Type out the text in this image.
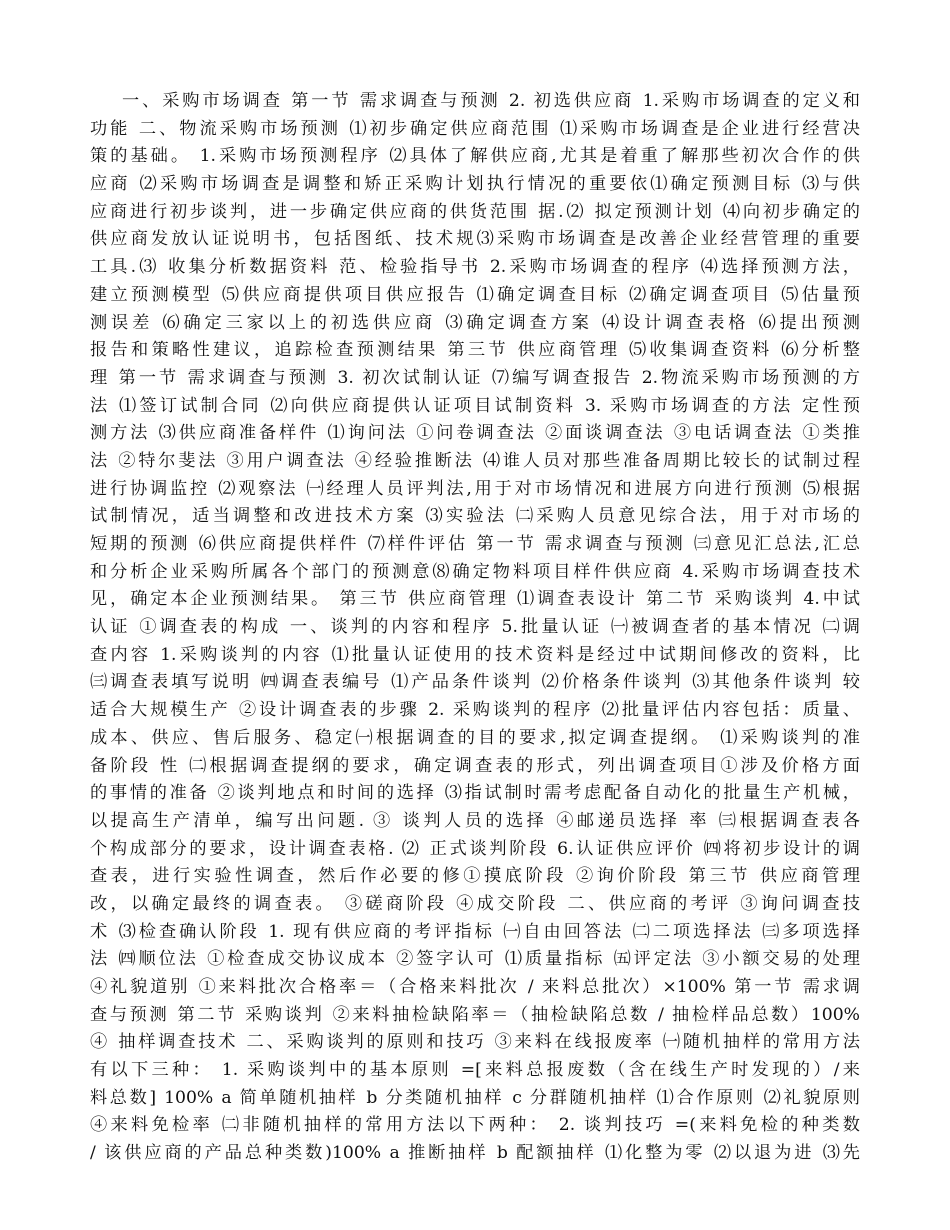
一、采购市场调查 第一节 需求调查与预测 2. 初选供应商 1.采购市场调查的定义和
功能 二、物流采购市场预测 ⑴初步确定供应商范围 ⑴采购市场调查是企业进行经营决
策的基础。 1.采购市场预测程序 ⑵具体了解供应商,尤其是着重了解那些初次合作的供
应商 ⑵采购市场调查是调整和矫正采购计划执行情况的重要依⑴确定预测目标 ⑶与供
应商进行初步谈判，进一步确定供应商的供货范围 据.⑵ 拟定预测计划 ⑷向初步确定的
供应商发放认证说明书，包括图纸、技术规⑶采购市场调查是改善企业经营管理的重要
工具.⑶ 收集分析数据资料 范、检验指导书 2.采购市场调查的程序 ⑷选择预测方法，
建立预测模型 ⑸供应商提供项目供应报告 ⑴确定调查目标 ⑵确定调查项目 ⑸估量预
测误差 ⑹确定三家以上的初选供应商 ⑶确定调查方案 ⑷设计调查表格 ⑹提出预测
报告和策略性建议，追踪检查预测结果 第三节 供应商管理 ⑸收集调查资料 ⑹分析整
理 第一节 需求调查与预测 3. 初次试制认证 ⑺编写调查报告 2.物流采购市场预测的方
法 ⑴签订试制合同 ⑵向供应商提供认证项目试制资料 3. 采购市场调查的方法 定性预
测方法 ⑶供应商准备样件 ⑴询问法 ①问卷调查法 ②面谈调查法 ③电话调查法 ①类推
法 ②特尔斐法 ③用户调查法 ④经验推断法 ⑷谁人员对那些准备周期比较长的试制过程
进行协调监控 ⑵观察法 ㈠经理人员评判法,用于对市场情况和进展方向进行预测 ⑸根据
试制情况，适当调整和改进技术方案 ⑶实验法 ㈡采购人员意见综合法，用于对市场的
短期的预测 ⑹供应商提供样件 ⑺样件评估 第一节 需求调查与预测 ㈢意见汇总法,汇总
和分析企业采购所属各个部门的预测意⑻确定物料项目样件供应商 4.采购市场调查技术
见，确定本企业预测结果。 第三节 供应商管理 ⑴调查表设计 第二节 采购谈判 4.中试
认证 ①调查表的构成 一、谈判的内容和程序 5.批量认证 ㈠被调查者的基本情况 ㈡调
查内容 1.采购谈判的内容 ⑴批量认证使用的技术资料是经过中试期间修改的资料，比
㈢调查表填写说明 ㈣调查表编号 ⑴产品条件谈判 ⑵价格条件谈判 ⑶其他条件谈判 较
适合大规模生产 ②设计调查表的步骤 2. 采购谈判的程序 ⑵批量评估内容包括：质量、
成本、供应、售后服务、稳定㈠根据调查的目的要求,拟定调查提纲。 ⑴采购谈判的准
备阶段 性 ㈡根据调查提纲的要求，确定调查表的形式，列出调查项目①涉及价格方面
的事情的准备 ②谈判地点和时间的选择 ⑶指试制时需考虑配备自动化的批量生产机械，
以提高生产清单，编写出问题. ③ 谈判人员的选择 ④邮递员选择 率 ㈢根据调查表各
个构成部分的要求，设计调查表格. ⑵ 正式谈判阶段 6.认证供应评价 ㈣将初步设计的调
查表，进行实验性调查，然后作必要的修①摸底阶段 ②询价阶段 第三节 供应商管理
改，以确定最终的调查表。 ③磋商阶段 ④成交阶段 二、供应商的考评 ③询问调查技
术 ⑶检查确认阶段 1. 现有供应商的考评指标 ㈠自由回答法 ㈡二项选择法 ㈢多项选择
法 ㈣顺位法 ①检查成交协议成本 ②签字认可 ⑴质量指标 ㈤评定法 ③小额交易的处理
④礼貌道别 ①来料批次合格率＝（合格来料批次 / 来料总批次）×100% 第一节 需求调
查与预测 第二节 采购谈判 ②来料抽检缺陷率＝（抽检缺陷总数 / 抽检样品总数）100%
④ 抽样调查技术 二、采购谈判的原则和技巧 ③来料在线报废率 ㈠随机抽样的常用方法
有以下三种： 1. 采购谈判中的基本原则 =[来料总报废数（含在线生产时发现的）/来
料总数] 100% a 简单随机抽样 b 分类随机抽样 c 分群随机抽样 ⑴合作原则 ⑵礼貌原则
④来料免检率 ㈡非随机抽样的常用方法以下两种： 2. 谈判技巧 =(来料免检的种类数
/ 该供应商的产品总种类数)100% a 推断抽样 b 配额抽样 ⑴化整为零 ⑵以退为进 ⑶先
